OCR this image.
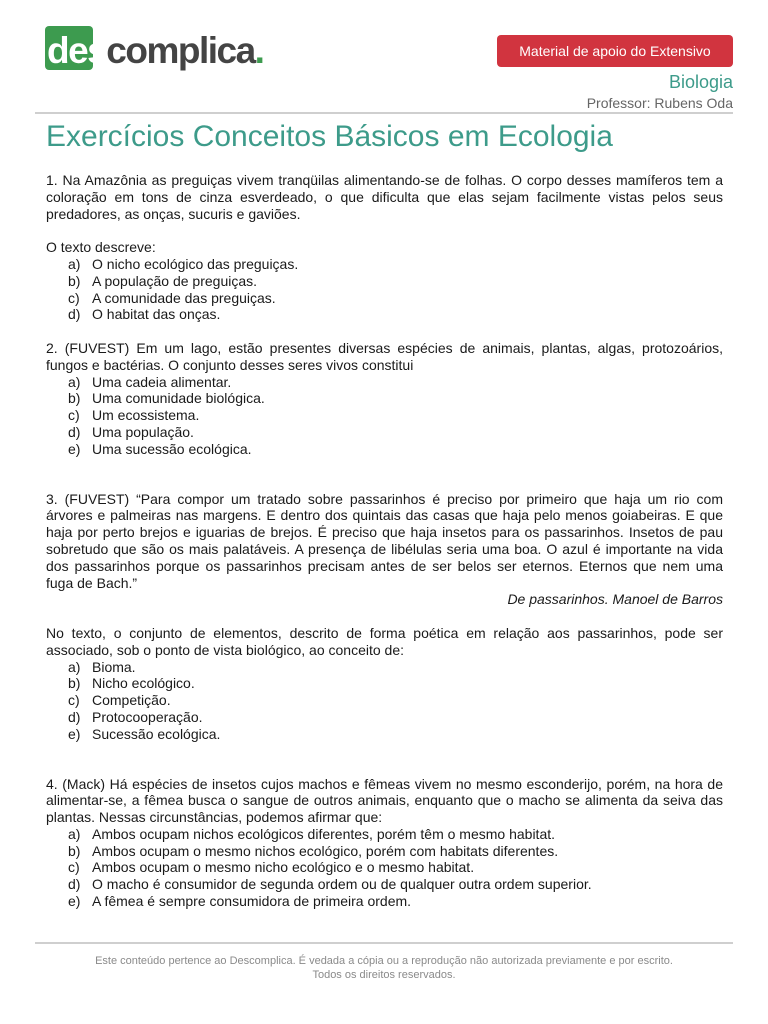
descomplica.	Material de apoio do Extensivo
Biologia
Professor: Rubens Oda
Exercícios Conceitos Básicos em Ecologia

1. Na Amazônia as preguiças vivem tranqüilas alimentando-se de folhas. O corpo desses mamíferos tem a coloração em tons de cinza esverdeado, o que dificulta que elas sejam facilmente vistas pelos seus predadores, as onças, sucuris e gaviões.

O texto descreve:

a) O nicho ecológico das preguiças.
b) A população de preguiças.
c) A comunidade das preguiças.
d) O habitat das onças.

2. (FUVEST) Em um lago, estão presentes diversas espécies de animais, plantas, algas, protozoários, fungos e bactérias. O conjunto desses seres vivos constitui

a) Uma cadeia alimentar.
b) Uma comunidade biológica.
c) Um ecossistema.
d) Uma população.
e) Uma sucessão ecológica.

3. (FUVEST) “Para compor um tratado sobre passarinhos é preciso por primeiro que haja um rio com árvores e palmeiras nas margens. E dentro dos quintais das casas que haja pelo menos goiabeiras. E que haja por perto brejos e iguarias de brejos. É preciso que haja insetos para os passarinhos. Insetos de pau sobretudo que são os mais palatáveis. A presença de libélulas seria uma boa. O azul é importante na vida dos passarinhos porque os passarinhos precisam antes de ser belos ser eternos. Eternos que nem uma fuga de Bach.”

De passarinhos. Manoel de Barros

No texto, o conjunto de elementos, descrito de forma poética em relação aos passarinhos, pode ser associado, sob o ponto de vista biológico, ao conceito de:

a) Bioma.
b) Nicho ecológico.
c) Competição.
d) Protocooperação.
e) Sucessão ecológica.

4. (Mack) Há espécies de insetos cujos machos e fêmeas vivem no mesmo esconderijo, porém, na hora de alimentar-se, a fêmea busca o sangue de outros animais, enquanto que o macho se alimenta da seiva das plantas. Nessas circunstâncias, podemos afirmar que:

a) Ambos ocupam nichos ecológicos diferentes, porém têm o mesmo habitat.
b) Ambos ocupam o mesmo nichos ecológico, porém com habitats diferentes.
c) Ambos ocupam o mesmo nicho ecológico e o mesmo habitat.
d) O macho é consumidor de segunda ordem ou de qualquer outra ordem superior.
e) A fêmea é sempre consumidora de primeira ordem.
Este conteúdo pertence ao Descomplica. É vedada a cópia ou a reprodução não autorizada previamente e por escrito.
Todos os direitos reservados.
